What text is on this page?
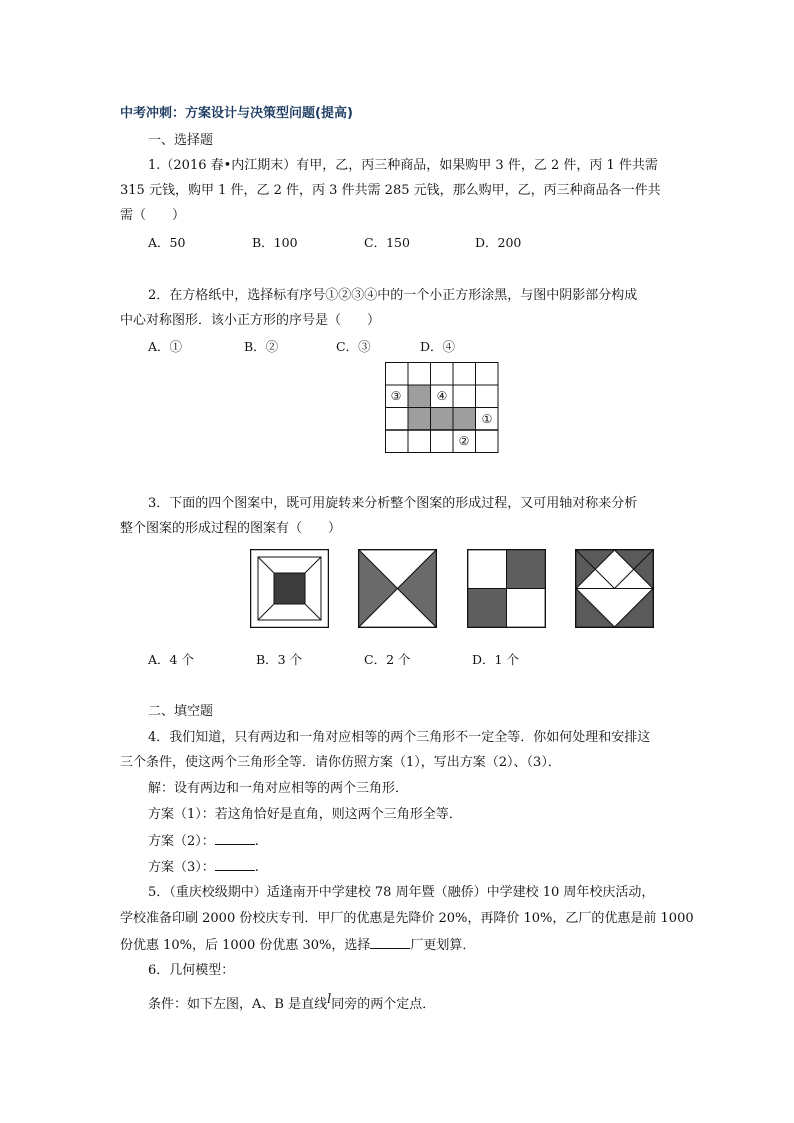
中考冲刺：方案设计与决策型问题(提高)
一、选择题
1.（2016 春•内江期末）有甲，乙，丙三种商品，如果购甲 3 件，乙 2 件，丙 1 件共需
315 元钱，购甲 1 件，乙 2 件，丙 3 件共需 285 元钱，那么购甲，乙，丙三种商品各一件共
需（　　）
A．50	B．100	C．150	D．200
2．在方格纸中，选择标有序号①②③④中的一个小正方形涂黑，与图中阴影部分构成
中心对称图形．该小正方形的序号是（　　）
A．①	B．②	C．③	D．④
③	④
①
②
3．下面的四个图案中，既可用旋转来分析整个图案的形成过程，又可用轴对称来分析
整个图案的形成过程的图案有（　　）
A．4 个	B．3 个	C．2 个	D．1 个
二、填空题
4．我们知道，只有两边和一角对应相等的两个三角形不一定全等．你如何处理和安排这
三个条件，使这两个三角形全等．请你仿照方案（1），写出方案（2）、（3）．
解：设有两边和一角对应相等的两个三角形．
方案（1）：若这角恰好是直角，则这两个三角形全等．
方案（2）：	.
方案（3）：	.
5．（重庆校级期中）适逢南开中学建校 78 周年暨（融侨）中学建校 10 周年校庆活动，
学校准备印刷 2000 份校庆专刊．甲厂的优惠是先降价 20%，再降价 10%，乙厂的优惠是前 1000
份优惠 10%，后 1000 份优惠 30%，选择	厂更划算．
6．几何模型：
条件：如下左图，A、B 是直线l同旁的两个定点．
